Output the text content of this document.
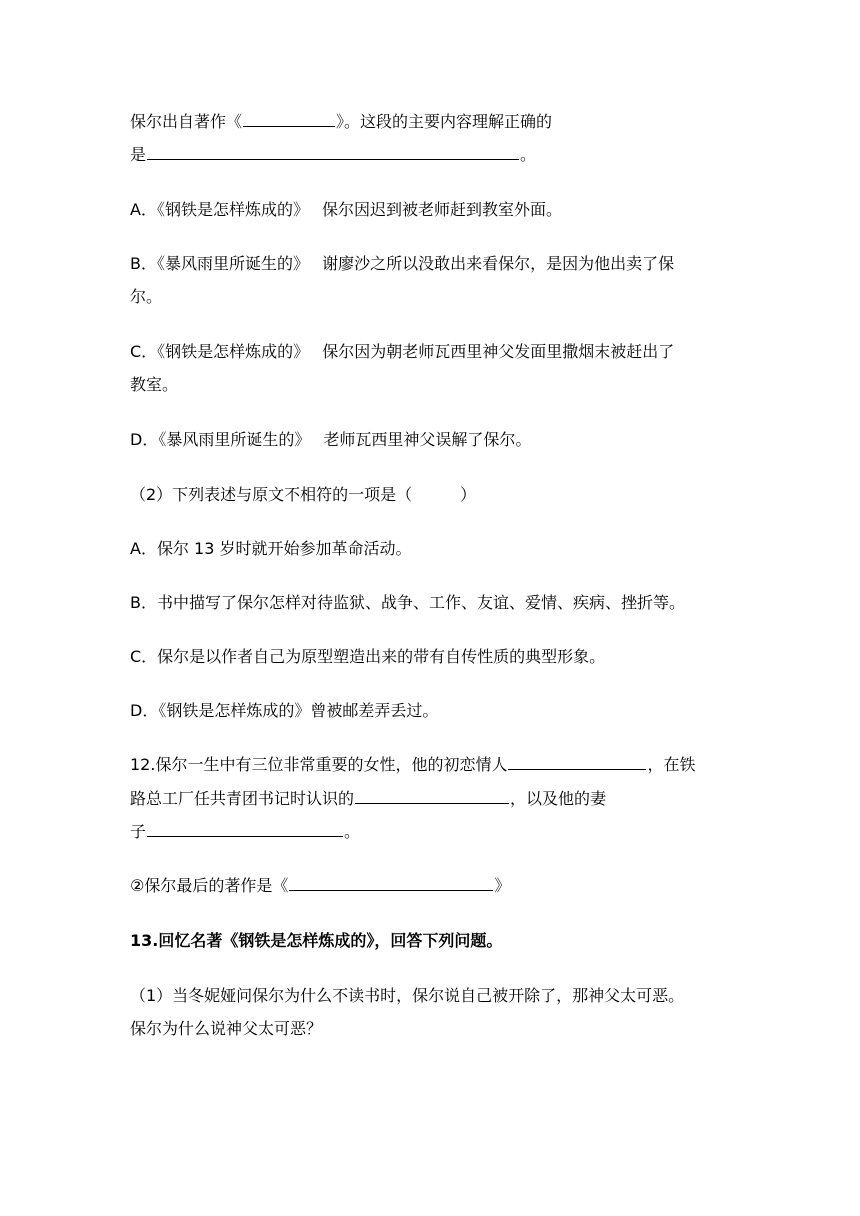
保尔出自著作《	》。这段的主要内容理解正确的
是	。
A．《钢铁是怎样炼成的》　 保尔因迟到被老师赶到教室外面。
B．《暴风雨里所诞生的》　 谢廖沙之所以没敢出来看保尔，是因为他出卖了保
尔。
C．《钢铁是怎样炼成的》　 保尔因为朝老师瓦西里神父发面里撒烟末被赶出了
教室。
D．《暴风雨里所诞生的》　 老师瓦西里神父误解了保尔。
（2）下列表述与原文不相符的一项是（　　　）
A．保尔 13 岁时就开始参加革命活动。
B．书中描写了保尔怎样对待监狱、战争、工作、友谊、爱情、疾病、挫折等。
C．保尔是以作者自己为原型塑造出来的带有自传性质的典型形象。
D．《钢铁是怎样炼成的》曾被邮差弄丢过。
12.保尔一生中有三位非常重要的女性，他的初恋情人	，在铁
路总工厂任共青团书记时认识的	，以及他的妻
子	。
②保尔最后的著作是《	》
13.回忆名著《钢铁是怎样炼成的》，回答下列问题。
（1）当冬妮娅问保尔为什么不读书时，保尔说自己被开除了，那神父太可恶。
保尔为什么说神父太可恶？
